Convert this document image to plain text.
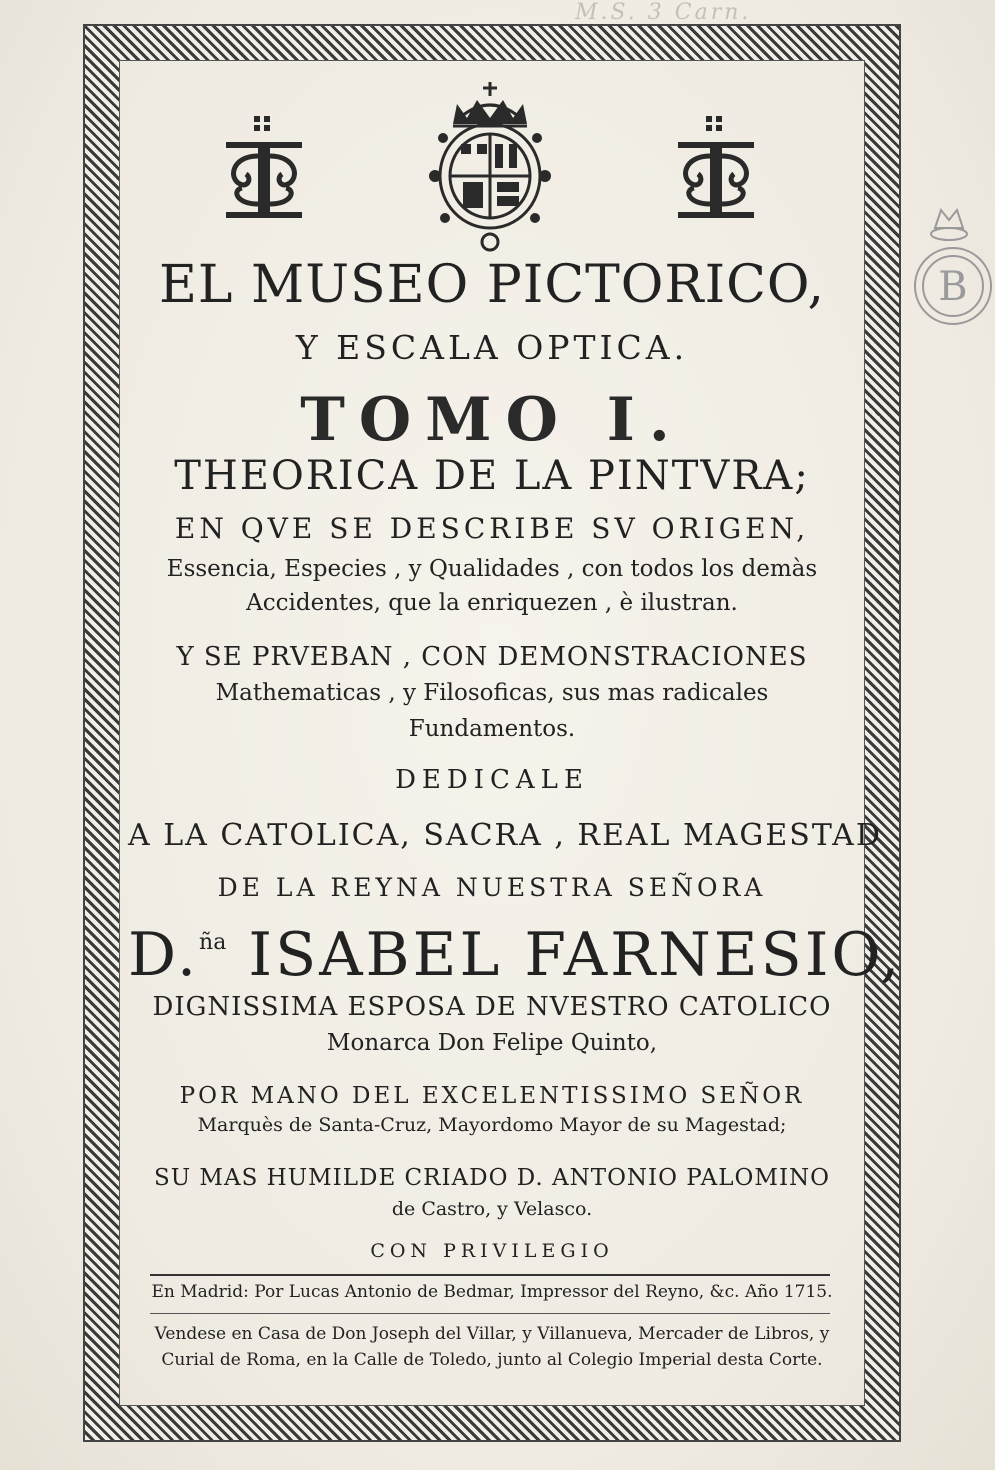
M.S. 3 Carn.
B
EL MUSEO PICTORICO,
Y ESCALA OPTICA.
TOMO I.
THEORICA DE LA PINTVRA;
EN QVE SE DESCRIBE SV ORIGEN,
Essencia, Especies , y Qualidades , con todos los demàs
Accidentes, que la enriquezen , è ilustran.
Y SE PRVEBAN , CON DEMONSTRACIONES
Mathematicas , y Filosoficas, sus mas radicales
Fundamentos.
DEDICALE
A LA CATOLICA, SACRA , REAL MAGESTAD
DE LA REYNA NUESTRA SEÑORA
D.$^{ña}$ ISABEL FARNESIO,
DIGNISSIMA ESPOSA DE NVESTRO CATOLICO
Monarca Don Felipe Quinto,
POR MANO DEL EXCELENTISSIMO SEÑOR
Marquès de Santa-Cruz, Mayordomo Mayor de su Magestad;
SU MAS HUMILDE CRIADO D. ANTONIO PALOMINO
de Castro, y Velasco.
CON PRIVILEGIO
En Madrid: Por Lucas Antonio de Bedmar, Impressor del Reyno, &c. Año 1715.
Vendese en Casa de Don Joseph del Villar, y Villanueva, Mercader de Libros, y
Curial de Roma, en la Calle de Toledo, junto al Colegio Imperial desta Corte.
